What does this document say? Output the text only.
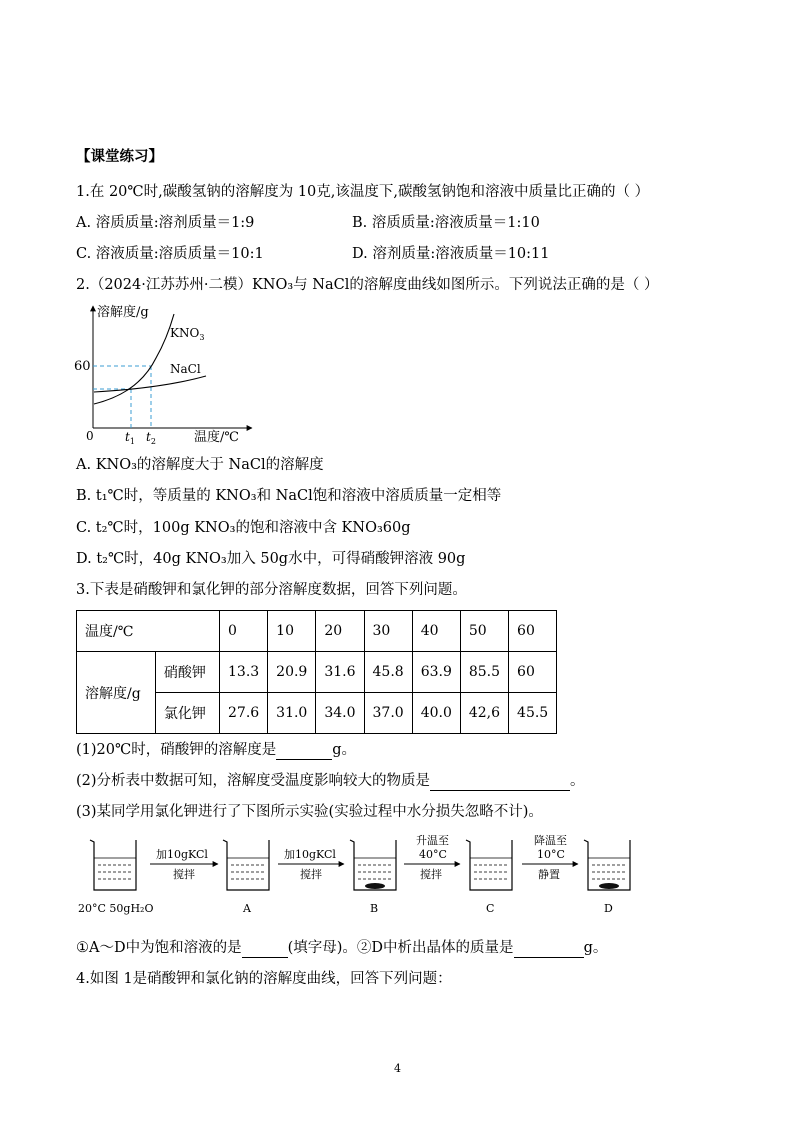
【课堂练习】
1.在 20℃时,碳酸氢钠的溶解度为 10克,该温度下,碳酸氢钠饱和溶液中质量比正确的（ ）
A. 溶质质量:溶剂质量＝1:9	B. 溶质质量:溶液质量＝1:10
C. 溶液质量:溶质质量＝10:1	D. 溶剂质量:溶液质量＝10:11
2.（2024·江苏苏州·二模）KNO₃与 NaCl的溶解度曲线如图所示。下列说法正确的是（ ）
溶解度/g
温度/℃
0
60
$t_1$ $t_2$
$KNO_3$
NaCl
A. KNO₃的溶解度大于 NaCl的溶解度
B. t₁℃时，等质量的 KNO₃和 NaCl饱和溶液中溶质质量一定相等
C. t₂℃时，100g KNO₃的饱和溶液中含 KNO₃60g
D. t₂℃时，40g KNO₃加入 50g水中，可得硝酸钾溶液 90g
3.下表是硝酸钾和氯化钾的部分溶解度数据，回答下列问题。
温度/℃		0	10	20	30	40	50	60
溶解度/g	硝酸钾	13.3	20.9	31.6	45.8	63.9	85.5	60
	氯化钾	27.6	31.0	34.0	37.0	40.0	42,6	45.5
(1)20℃时，硝酸钾的溶解度是	g。
(2)分析表中数据可知，溶解度受温度影响较大的物质是	。
(3)某同学用氯化钾进行了下图所示实验(实验过程中水分损失忽略不计)。
20°C 50gH₂O
加10gKCl
搅拌
A
加10gKCl
搅拌
B
升温至
40°C
搅拌
C
降温至
10°C
静置
D
①A～D中为饱和溶液的是	(填字母)。②D中析出晶体的质量是	g。
4.如图 1是硝酸钾和氯化钠的溶解度曲线，回答下列问题：
4
